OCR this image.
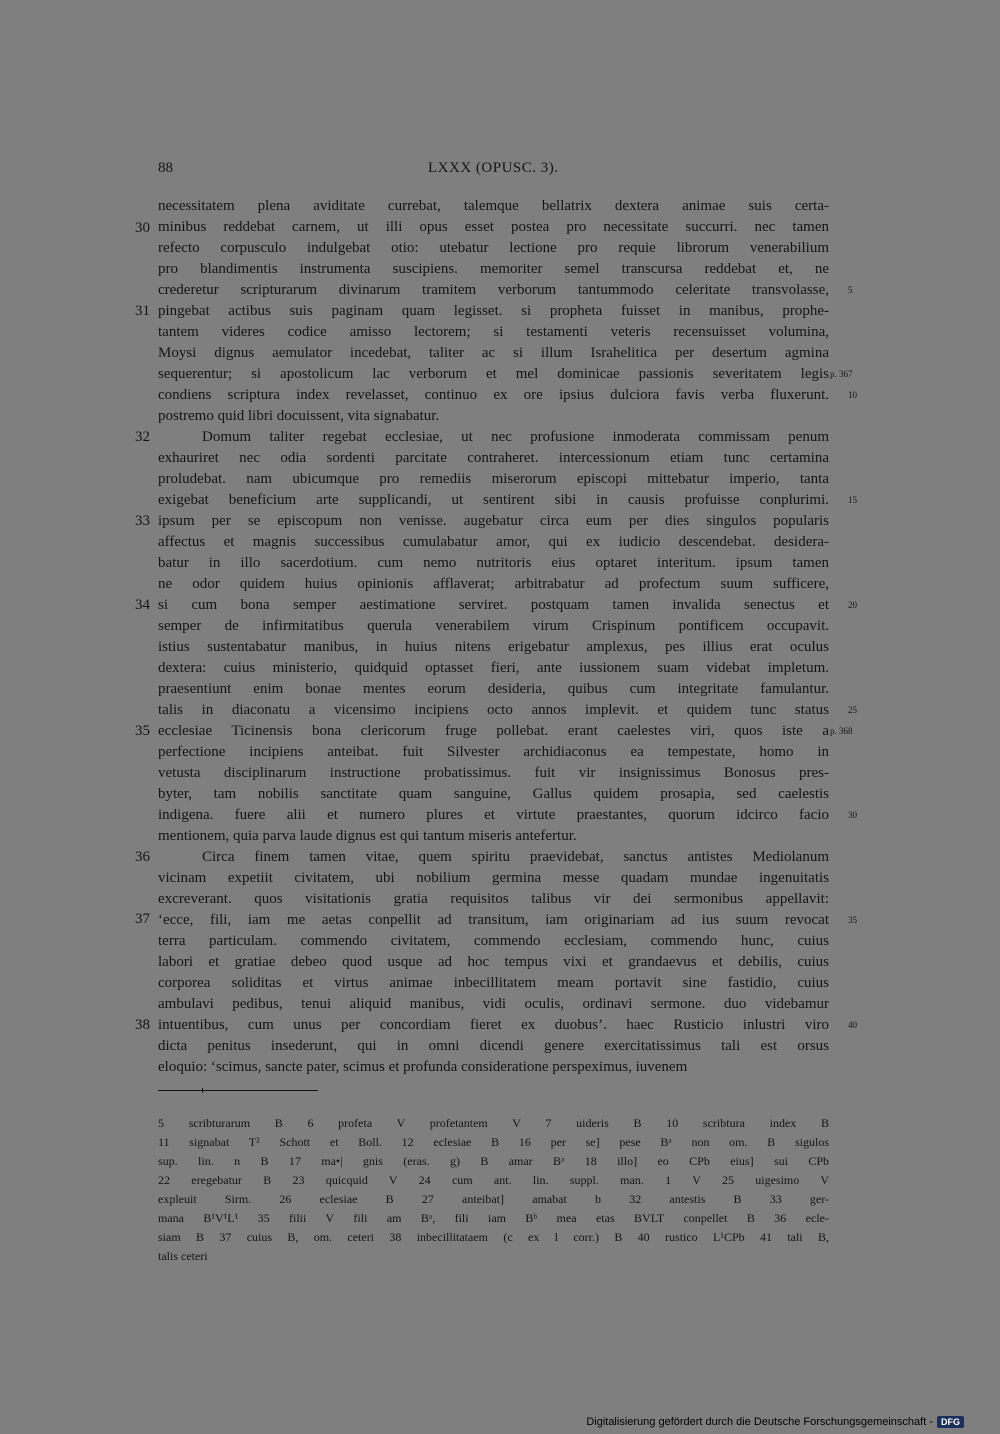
88	LXXX (OPUSC. 3).
necessitatem plena aviditate currebat, talemque bellatrix dextera animae suis certa-
minibus reddebat carnem, ut illi opus esset postea pro necessitate succurri. nec tamen
refecto corpusculo indulgebat otio: utebatur lectione pro requie librorum venerabilium
pro blandimentis instrumenta suscipiens. memoriter semel transcursa reddebat et, ne
crederetur scripturarum divinarum tramitem verborum tantummodo celeritate transvolasse,
pingebat actibus suis paginam quam legisset. si propheta fuisset in manibus, prophe-
tantem videres codice amisso lectorem; si testamenti veteris recensuisset volumina,
Moysi dignus aemulator incedebat, taliter ac si illum Israhelitica per desertum agmina
sequerentur; si apostolicum lac verborum et mel dominicae passionis severitatem legis
condiens scriptura index revelasset, continuo ex ore ipsius dulciora favis verba fluxerunt.
postremo quid libri docuissent, vita signabatur.
Domum taliter regebat ecclesiae, ut nec profusione inmoderata commissam penum
exhauriret nec odia sordenti parcitate contraheret. intercessionum etiam tunc certamina
proludebat. nam ubicumque pro remediis miserorum episcopi mittebatur imperio, tanta
exigebat beneficium arte supplicandi, ut sentirent sibi in causis profuisse conplurimi.
ipsum per se episcopum non venisse. augebatur circa eum per dies singulos popularis
affectus et magnis successibus cumulabatur amor, qui ex iudicio descendebat. desidera-
batur in illo sacerdotium. cum nemo nutritoris eius optaret interitum. ipsum tamen
ne odor quidem huius opinionis afflaverat; arbitrabatur ad profectum suum sufficere,
si cum bona semper aestimatione serviret. postquam tamen invalida senectus et
semper de infirmitatibus querula venerabilem virum Crispinum pontificem occupavit.
istius sustentabatur manibus, in huius nitens erigebatur amplexus, pes illius erat oculus
dextera: cuius ministerio, quidquid optasset fieri, ante iussionem suam videbat impletum.
praesentiunt enim bonae mentes eorum desideria, quibus cum integritate famulantur.
talis in diaconatu a vicensimo incipiens octo annos implevit. et quidem tunc status
ecclesiae Ticinensis bona clericorum fruge pollebat. erant caelestes viri, quos iste a
perfectione incipiens anteibat. fuit Silvester archidiaconus ea tempestate, homo in
vetusta disciplinarum instructione probatissimus. fuit vir insignissimus Bonosus pres-
byter, tam nobilis sanctitate quam sanguine, Gallus quidem prosapia, sed caelestis
indigena. fuere alii et numero plures et virtute praestantes, quorum idcirco facio
mentionem, quia parva laude dignus est qui tantum miseris antefertur.
Circa finem tamen vitae, quem spiritu praevidebat, sanctus antistes Mediolanum
vicinam expetiit civitatem, ubi nobilium germina messe quadam mundae ingenuitatis
excreverant. quos visitationis gratia requisitos talibus vir dei sermonibus appellavit:
‘ecce, fili, iam me aetas conpellit ad transitum, iam originariam ad ius suum revocat
terra particulam. commendo civitatem, commendo ecclesiam, commendo hunc, cuius
labori et gratiae debeo quod usque ad hoc tempus vixi et grandaevus et debilis, cuius
corporea soliditas et virtus animae inbecillitatem meam portavit sine fastidio, cuius
ambulavi pedibus, tenui aliquid manibus, vidi oculis, ordinavi sermone. duo videbamur
intuentibus, cum unus per concordiam fieret ex duobus’. haec Rusticio inlustri viro
dicta penitus insederunt, qui in omni dicendi genere exercitatissimus tali est orsus
eloquio: ‘scimus, sancte pater, scimus et profunda consideratione perspeximus, iuvenem
30
31
32
33
34
35
36
37
38
5
10
15
20
25
30
35
40
p. 367
p. 368
5 scribturarum B 6 profeta V profetantem V 7 uideris B 10 scribtura index B
11 signabat T² Schott et Boll. 12 eclesiae B 16 per se] pese Bᵃ non om. B sigulos
sup. lin. n B 17 ma•| gnis (eras. g) B amar Bᵃ 18 illo] eo CPb eius] sui CPb
22 eregebatur B 23 quicquid V 24 cum ant. lin. suppl. man. 1 V 25 uigesimo V
expleuit Sirm. 26 eclesiae B 27 anteibat] amabat b 32 antestis B 33 ger-
mana B¹V¹L¹ 35 filii V fili am Bᵃ, fili iam Bᵇ mea etas BVLT conpellet B 36 ecle-
siam B 37 cuius B, om. ceteri 38 inbecillitataem (c ex l corr.) B 40 rustico L¹CPb 41 tali B,
talis ceteri
Digitalisierung gefördert durch die Deutsche Forschungsgemeinschaft - DFG
